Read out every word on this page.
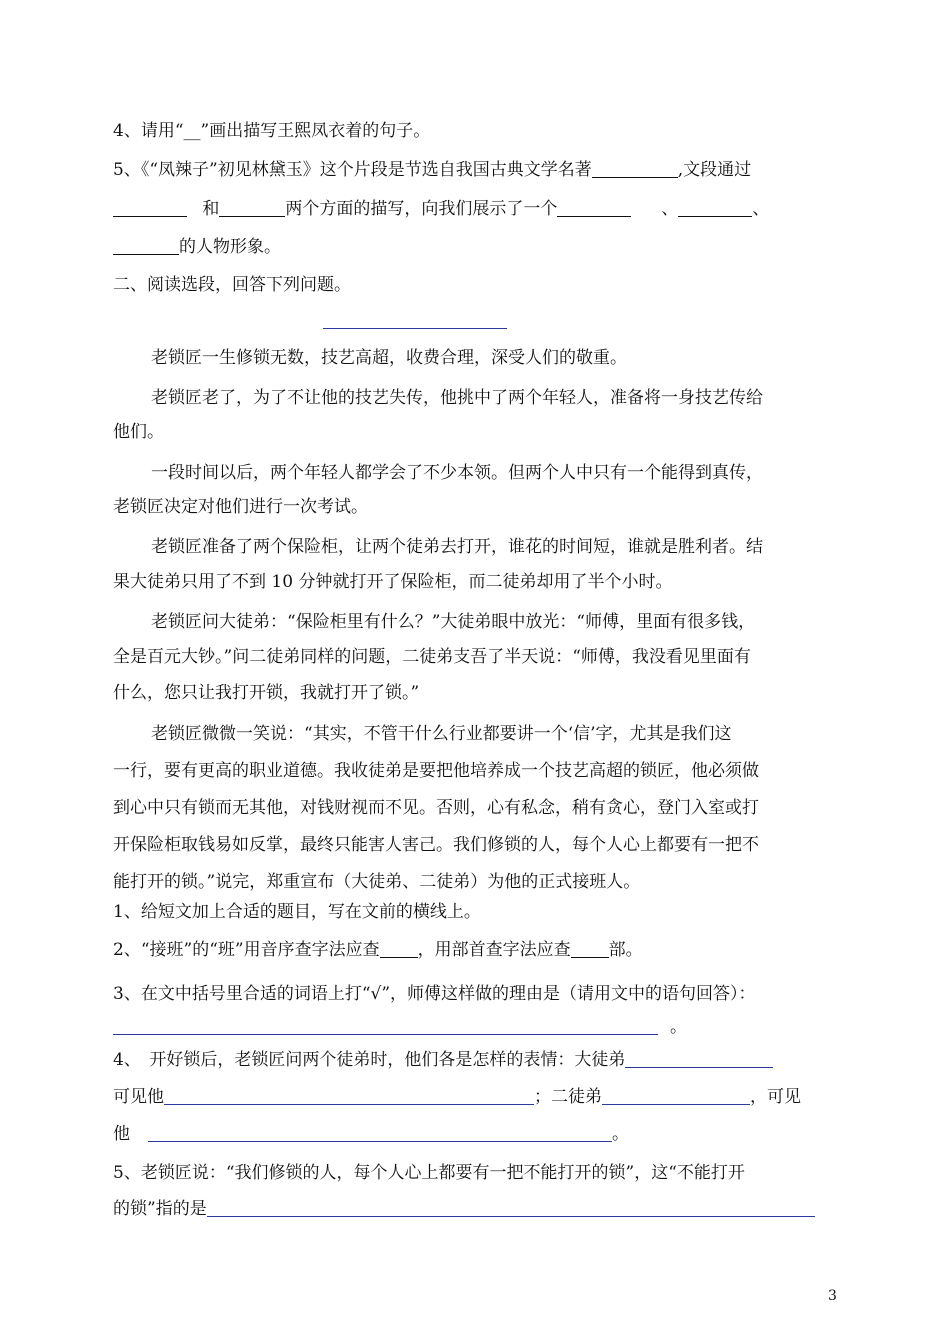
4、请用“__”画出描写王熙凤衣着的句子。
5、《“凤辣子”初见林黛玉》这个片段是节选自我国古典文学名著	,文段通过
和	两个方面的描写，向我们展示了一个	、	、
的人物形象。
二、阅读选段，回答下列问题。
老锁匠一生修锁无数，技艺高超，收费合理，深受人们的敬重。
老锁匠老了，为了不让他的技艺失传，他挑中了两个年轻人，准备将一身技艺传给
他们。
一段时间以后，两个年轻人都学会了不少本领。但两个人中只有一个能得到真传，
老锁匠决定对他们进行一次考试。
老锁匠准备了两个保险柜，让两个徒弟去打开，谁花的时间短，谁就是胜利者。结
果大徒弟只用了不到 10 分钟就打开了保险柜，而二徒弟却用了半个小时。
老锁匠问大徒弟：“保险柜里有什么？”大徒弟眼中放光：“师傅，里面有很多钱，
全是百元大钞。”问二徒弟同样的问题，二徒弟支吾了半天说：“师傅，我没看见里面有
什么，您只让我打开锁，我就打开了锁。”
老锁匠微微一笑说：“其实，不管干什么行业都要讲一个‘信’字，尤其是我们这
一行，要有更高的职业道德。我收徒弟是要把他培养成一个技艺高超的锁匠，他必须做
到心中只有锁而无其他，对钱财视而不见。否则，心有私念，稍有贪心，登门入室或打
开保险柜取钱易如反掌，最终只能害人害己。我们修锁的人，每个人心上都要有一把不
能打开的锁。”说完，郑重宣布（大徒弟、二徒弟）为他的正式接班人。
1、给短文加上合适的题目，写在文前的横线上。
2、“接班”的“班”用音序查字法应查 ，用部首查字法应查 部。
3、在文中括号里合适的词语上打“√”，师傅这样做的理由是（请用文中的语句回答）：
。
4、　开好锁后，老锁匠问两个徒弟时，他们各是怎样的表情：大徒弟
可见他	；二徒弟	，可见
他	。
5、老锁匠说：“我们修锁的人，每个人心上都要有一把不能打开的锁”，这“不能打开
的锁”指的是
3
